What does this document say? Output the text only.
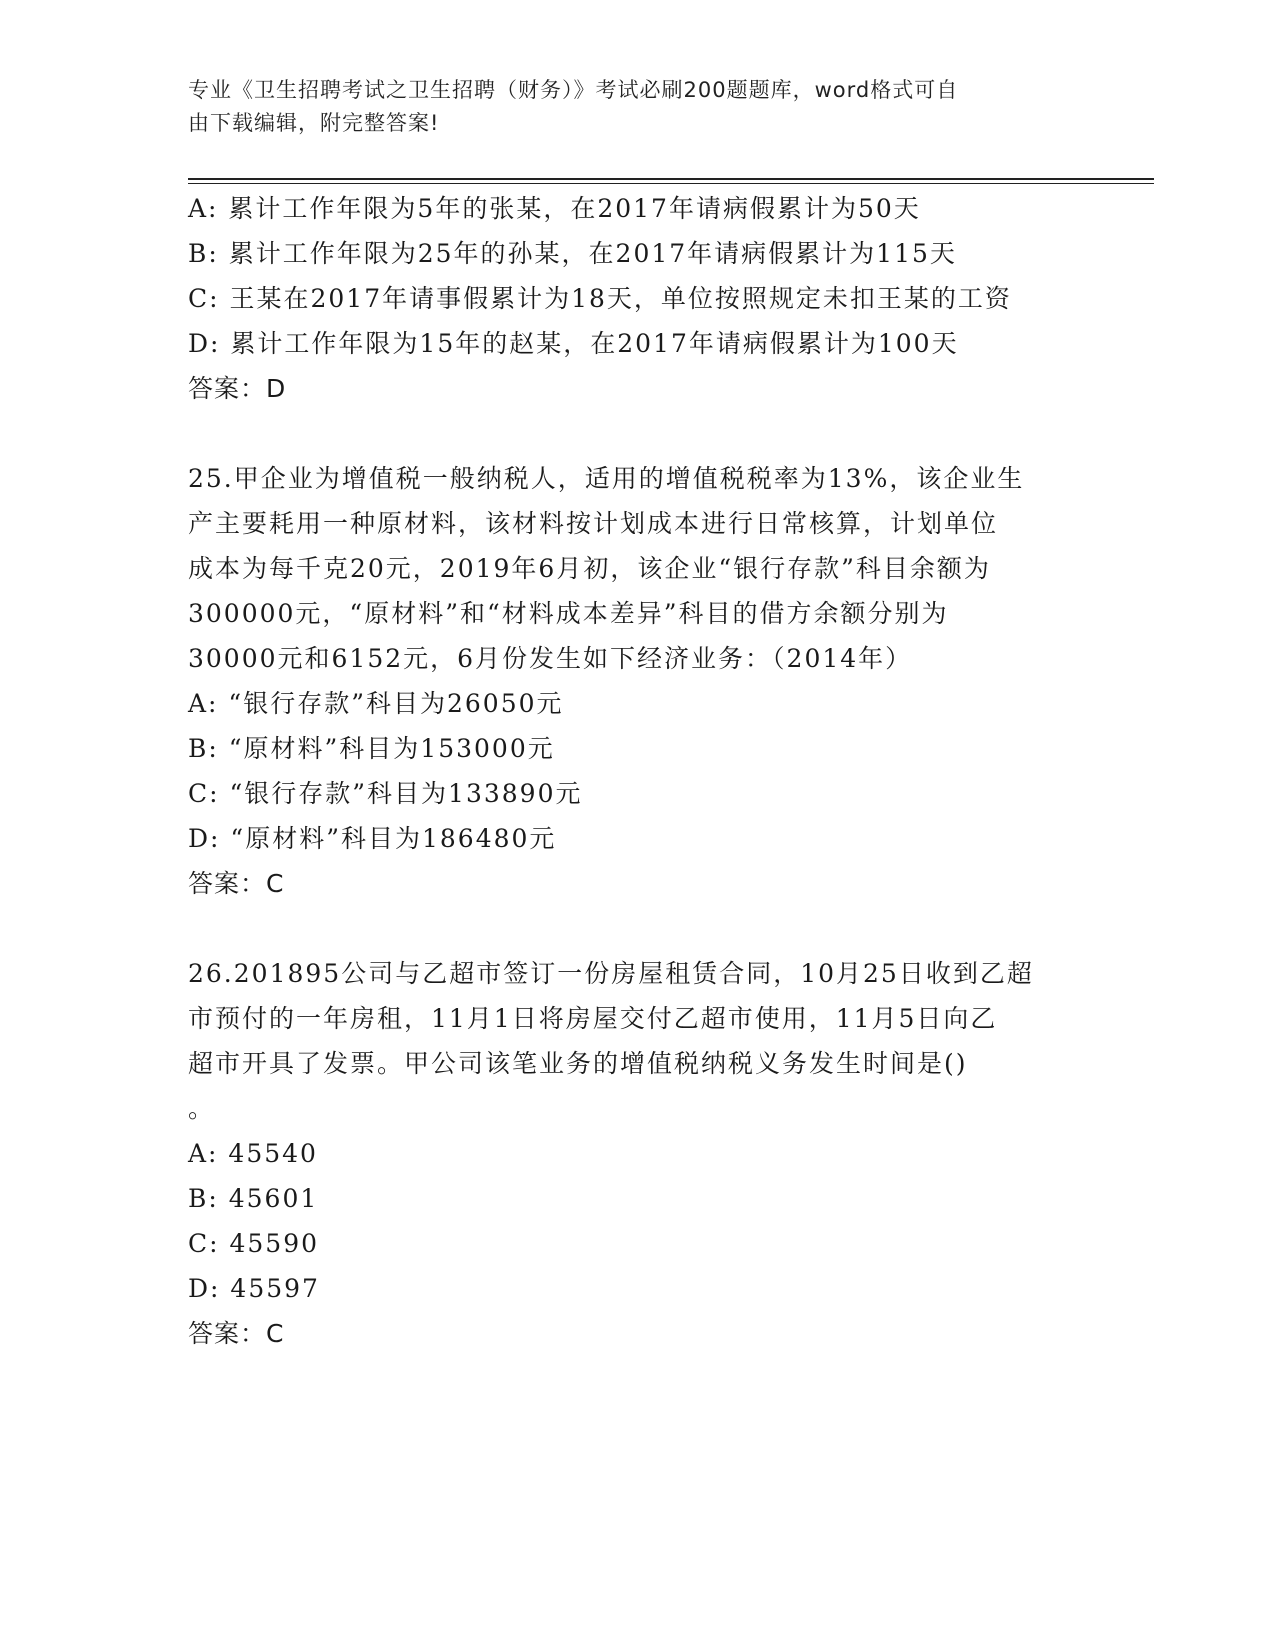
专业《卫生招聘考试之卫生招聘（财务）》考试必刷200题题库，word格式可自
由下载编辑，附完整答案!
A: 累计工作年限为5年的张某，在2017年请病假累计为50天
B: 累计工作年限为25年的孙某，在2017年请病假累计为115天
C: 王某在2017年请事假累计为18天，单位按照规定未扣王某的工资
D: 累计工作年限为15年的赵某，在2017年请病假累计为100天
答案：D
25.甲企业为增值税一般纳税人，适用的增值税税率为13%，该企业生
产主要耗用一种原材料，该材料按计划成本进行日常核算，计划单位
成本为每千克20元，2019年6月初，该企业“银行存款”科目余额为
300000元，“原材料”和“材料成本差异”科目的借方余额分别为
30000元和6152元，6月份发生如下经济业务：（2014年）
A: “银行存款”科目为26050元
B: “原材料”科目为153000元
C: “银行存款”科目为133890元
D: “原材料”科目为186480元
答案：C
26.201895公司与乙超市签订一份房屋租赁合同，10月25日收到乙超
市预付的一年房租，11月1日将房屋交付乙超市使用，11月5日向乙
超市开具了发票。甲公司该笔业务的增值税纳税义务发生时间是()
。
A: 45540
B: 45601
C: 45590
D: 45597
答案：C
